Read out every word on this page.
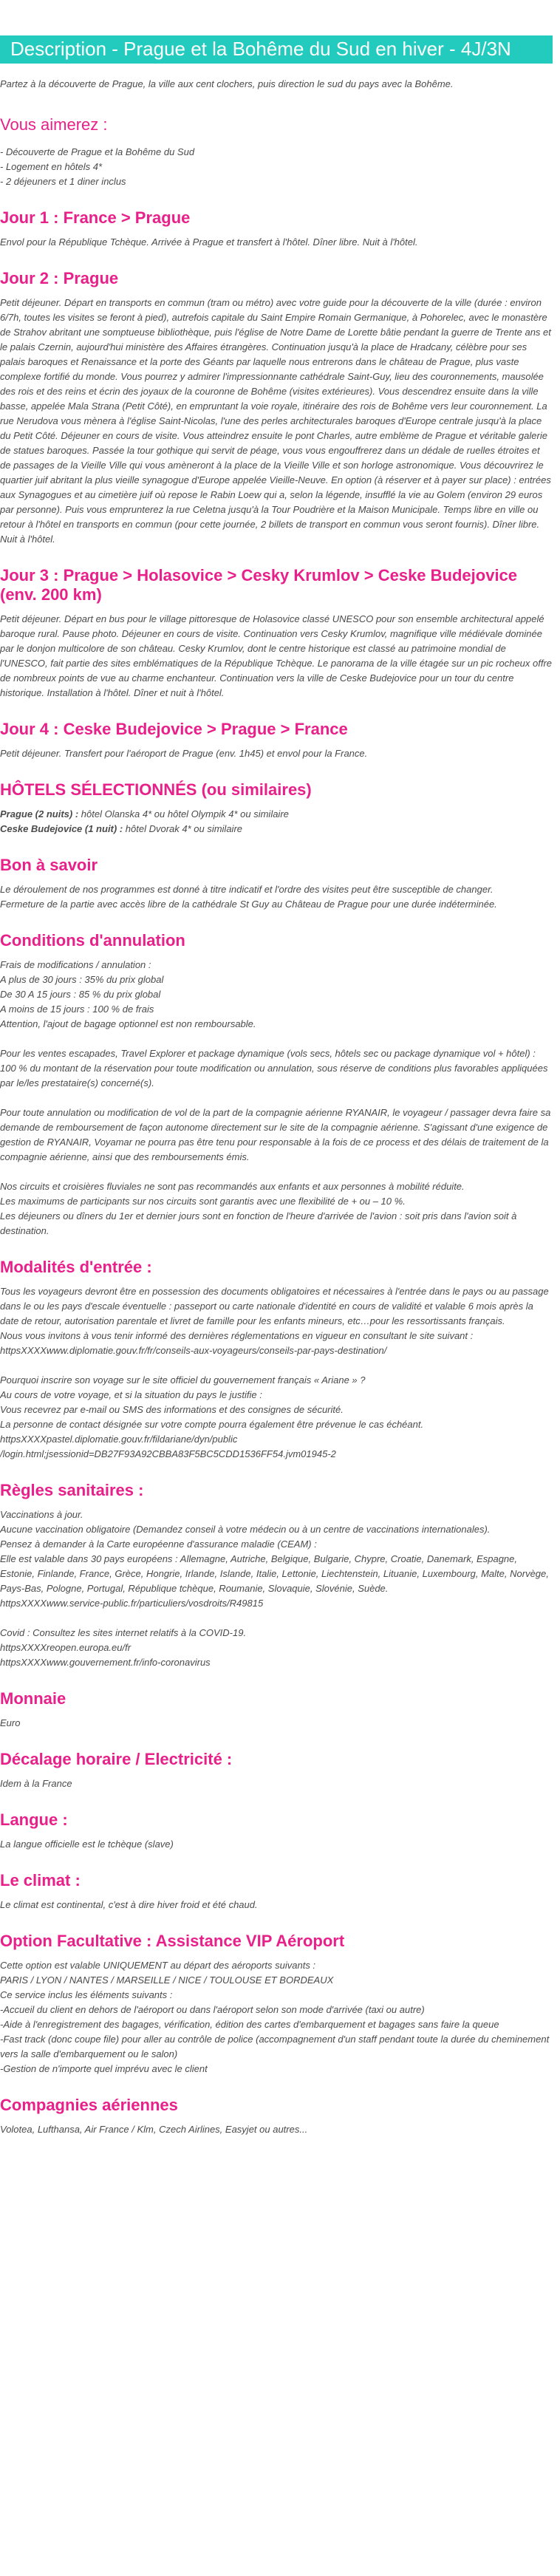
Description - Prague et la Bohême du Sud en hiver - 4J/3N

Partez à la découverte de Prague, la ville aux cent clochers, puis direction le sud du pays avec la Bohême.

Vous aimerez :
- Découverte de Prague et la Bohême du Sud
- Logement en hôtels 4*
- 2 déjeuners et 1 diner inclus
Jour 1 : France > Prague

Envol pour la République Tchèque. Arrivée à Prague et transfert à l'hôtel. Dîner libre. Nuit à l'hôtel.

Jour 2 : Prague

Petit déjeuner. Départ en transports en commun (tram ou métro) avec votre guide pour la découverte de la ville (durée : environ 6/7h, toutes les visites se feront à pied), autrefois capitale du Saint Empire Romain Germanique, à Pohorelec, avec le monastère de Strahov abritant une somptueuse bibliothèque, puis l'église de Notre Dame de Lorette bâtie pendant la guerre de Trente ans et le palais Czernin, aujourd'hui ministère des Affaires étrangères. Continuation jusqu'à la place de Hradcany, célèbre pour ses palais baroques et Renaissance et la porte des Géants par laquelle nous entrerons dans le château de Prague, plus vaste complexe fortifié du monde. Vous pourrez y admirer l'impressionnante cathédrale Saint-Guy, lieu des couronnements, mausolée des rois et des reins et écrin des joyaux de la couronne de Bohême (visites extérieures). Vous descendrez ensuite dans la ville basse, appelée Mala Strana (Petit Côté), en empruntant la voie royale, itinéraire des rois de Bohême vers leur couronnement. La rue Nerudova vous mènera à l'église Saint-Nicolas, l'une des perles architecturales baroques d'Europe centrale jusqu'à la place du Petit Côté. Déjeuner en cours de visite. Vous atteindrez ensuite le pont Charles, autre emblème de Prague et véritable galerie de statues baroques. Passée la tour gothique qui servit de péage, vous vous engouffrerez dans un dédale de ruelles étroites et de passages de la Vieille Ville qui vous amèneront à la place de la Vieille Ville et son horloge astronomique. Vous découvrirez le quartier juif abritant la plus vieille synagogue d'Europe appelée Vieille-Neuve. En option (à réserver et à payer sur place) : entrées aux Synagogues et au cimetière juif où repose le Rabin Loew qui a, selon la légende, insufflé la vie au Golem (environ 29 euros par personne). Puis vous emprunterez la rue Celetna jusqu'à la Tour Poudrière et la Maison Municipale. Temps libre en ville ou retour à l'hôtel en transports en commun (pour cette journée, 2 billets de transport en commun vous seront fournis). Dîner libre. Nuit à l'hôtel.

Jour 3 : Prague > Holasovice > Cesky Krumlov > Ceske Budejovice (env. 200 km)

Petit déjeuner. Départ en bus pour le village pittoresque de Holasovice classé UNESCO pour son ensemble architectural appelé baroque rural. Pause photo. Déjeuner en cours de visite. Continuation vers Cesky Krumlov, magnifique ville médiévale dominée par le donjon multicolore de son château. Cesky Krumlov, dont le centre historique est classé au patrimoine mondial de l'UNESCO, fait partie des sites emblématiques de la République Tchèque. Le panorama de la ville étagée sur un pic rocheux offre de nombreux points de vue au charme enchanteur. Continuation vers la ville de Ceske Budejovice pour un tour du centre historique. Installation à l'hôtel. Dîner et nuit à l'hôtel.

Jour 4 : Ceske Budejovice > Prague > France

Petit déjeuner. Transfert pour l'aéroport de Prague (env. 1h45) et envol pour la France.

HÔTELS SÉLECTIONNÉS (ou similaires)
Prague (2 nuits) : hôtel Olanska 4* ou hôtel Olympik 4* ou similaire
Ceske Budejovice (1 nuit) : hôtel Dvorak 4* ou similaire
Bon à savoir
Le déroulement de nos programmes est donné à titre indicatif et l'ordre des visites peut être susceptible de changer.
Fermeture de la partie avec accès libre de la cathédrale St Guy au Château de Prague pour une durée indéterminée.
Conditions d'annulation
Frais de modifications / annulation :
A plus de 30 jours : 35% du prix global
De 30 A 15 jours : 85 % du prix global
A moins de 15 jours : 100 % de frais
Attention, l'ajout de bagage optionnel est non remboursable.

Pour les ventes escapades, Travel Explorer et package dynamique (vols secs, hôtels sec ou package dynamique vol + hôtel) : 100 % du montant de la réservation pour toute modification ou annulation, sous réserve de conditions plus favorables appliquées par le/les prestataire(s) concerné(s).

Pour toute annulation ou modification de vol de la part de la compagnie aérienne RYANAIR, le voyageur / passager devra faire sa demande de remboursement de façon autonome directement sur le site de la compagnie aérienne. S'agissant d'une exigence de gestion de RYANAIR, Voyamar ne pourra pas être tenu pour responsable à la fois de ce process et des délais de traitement de la compagnie aérienne, ainsi que des remboursements émis.

Nos circuits et croisières fluviales ne sont pas recommandés aux enfants et aux personnes à mobilité réduite.
Les maximums de participants sur nos circuits sont garantis avec une flexibilité de + ou – 10 %.
Les déjeuners ou dîners du 1er et dernier jours sont en fonction de l'heure d'arrivée de l'avion : soit pris dans l'avion soit à destination.
Modalités d'entrée :

Tous les voyageurs devront être en possession des documents obligatoires et nécessaires à l'entrée dans le pays ou au passage dans le ou les pays d'escale éventuelle : passeport ou carte nationale d'identité en cours de validité et valable 6 mois après la date de retour, autorisation parentale et livret de famille pour les enfants mineurs, etc…pour les ressortissants français.

Nous vous invitons à vous tenir informé des dernières réglementations en vigueur en consultant le site suivant : httpsXXXXwww.diplomatie.gouv.fr/fr/conseils-aux-voyageurs/conseils-par-pays-destination/

Pourquoi inscrire son voyage sur le site officiel du gouvernement français « Ariane » ?
Au cours de votre voyage, et si la situation du pays le justifie :
Vous recevrez par e-mail ou SMS des informations et des consignes de sécurité.
La personne de contact désignée sur votre compte pourra également être prévenue le cas échéant.
httpsXXXXpastel.diplomatie.gouv.fr/fildariane/dyn/public
/login.html;jsessionid=DB27F93A92CBBA83F5BC5CDD1536FF54.jvm01945-2
Règles sanitaires :
Vaccinations à jour.
Aucune vaccination obligatoire (Demandez conseil à votre médecin ou à un centre de vaccinations internationales).
Pensez à demander à la Carte européenne d'assurance maladie (CEAM) :

Elle est valable dans 30 pays européens : Allemagne, Autriche, Belgique, Bulgarie, Chypre, Croatie, Danemark, Espagne, Estonie, Finlande, France, Grèce, Hongrie, Irlande, Islande, Italie, Lettonie, Liechtenstein, Lituanie, Luxembourg, Malte, Norvège, Pays-Bas, Pologne, Portugal, République tchèque, Roumanie, Slovaquie, Slovénie, Suède.

httpsXXXXwww.service-public.fr/particuliers/vosdroits/R49815
Covid : Consultez les sites internet relatifs à la COVID-19.
httpsXXXXreopen.europa.eu/fr
httpsXXXXwww.gouvernement.fr/info-coronavirus
Monnaie

Euro

Décalage horaire / Electricité :

Idem à la France

Langue :

La langue officielle est le tchèque (slave)

Le climat :

Le climat est continental, c'est à dire hiver froid et été chaud.

Option Facultative : Assistance VIP Aéroport
Cette option est valable UNIQUEMENT au départ des aéroports suivants :
PARIS / LYON / NANTES / MARSEILLE / NICE / TOULOUSE ET BORDEAUX
Ce service inclus les éléments suivants :
-Accueil du client en dehors de l'aéroport ou dans l'aéroport selon son mode d'arrivée (taxi ou autre)
-Aide à l'enregistrement des bagages, vérification, édition des cartes d'embarquement et bagages sans faire la queue
-Fast track (donc coupe file) pour aller au contrôle de police (accompagnement d'un staff pendant toute la durée du cheminement vers la salle d'embarquement ou le salon)
-Gestion de n'importe quel imprévu avec le client
Compagnies aériennes

Volotea, Lufthansa, Air France / Klm, Czech Airlines, Easyjet ou autres...
